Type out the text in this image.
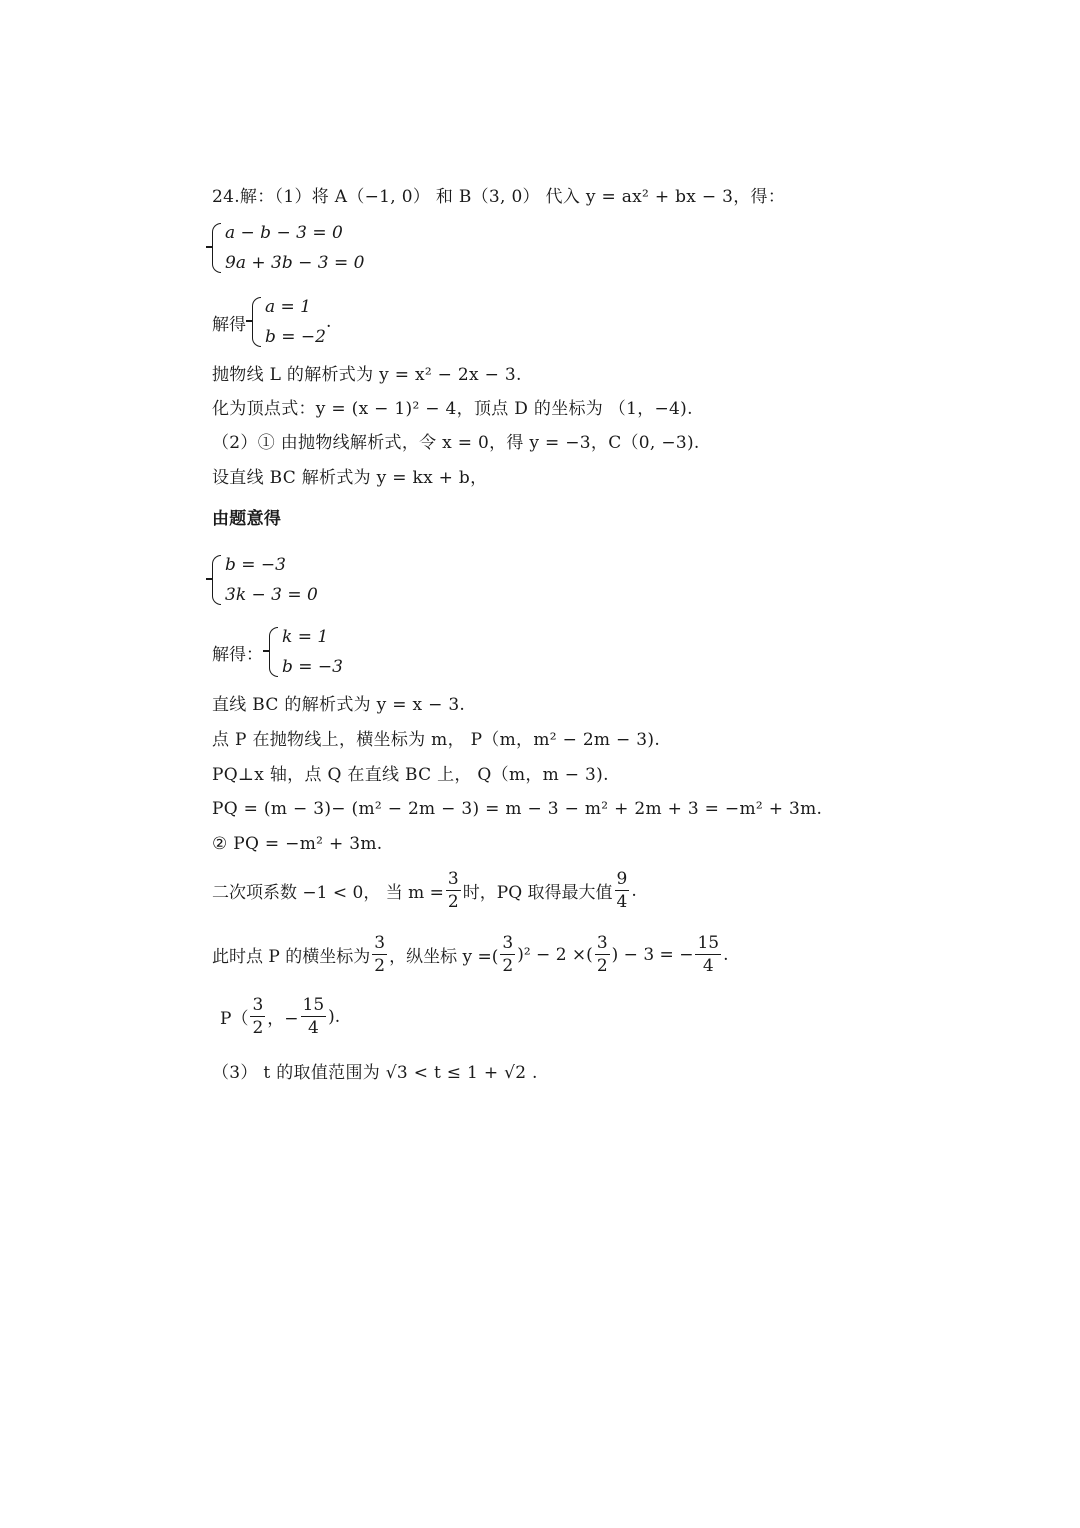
24.解：（1）将 A（−1, 0） 和 B（3, 0） 代入 y = ax² + bx − 3，得：
a − b − 3 = 0
9a + 3b − 3 = 0
解得
a = 1
b = −2
.
抛物线 L 的解析式为 y = x² − 2x − 3.
化为顶点式：y = (x − 1)² − 4，顶点 D 的坐标为 （1，−4).
（2）① 由抛物线解析式，令 x = 0，得 y = −3，C（0, −3).
设直线 BC 解析式为 y = kx + b，
由题意得
b = −3
3k − 3 = 0
解得：
k = 1
b = −3
直线 BC 的解析式为 y = x − 3.
点 P 在抛物线上，横坐标为 m， P（m，m² − 2m − 3).
PQ⊥x 轴，点 Q 在直线 BC 上， Q（m，m − 3).
PQ = (m − 3)− (m² − 2m − 3) = m − 3 − m² + 2m + 3 = −m² + 3m.
② PQ = −m² + 3m.
二次项系数 −1 < 0， 当 $m = \frac{3}{2}$ 时，PQ 取得最大值 $\frac{9}{4}$ .
此时点 P 的横坐标为 $\frac{3}{2}$ ，纵坐标 y =( $\frac{3}{2} )^2 - 2$ ×( $\frac{3}{2}$ ) − 3 = − $\frac{15}{4}$ .
$P( \frac{3}{2}$ ，− $\frac{15}{4}$ ).
（3） t 的取值范围为 √3 < t ≤ 1 + √2 .
